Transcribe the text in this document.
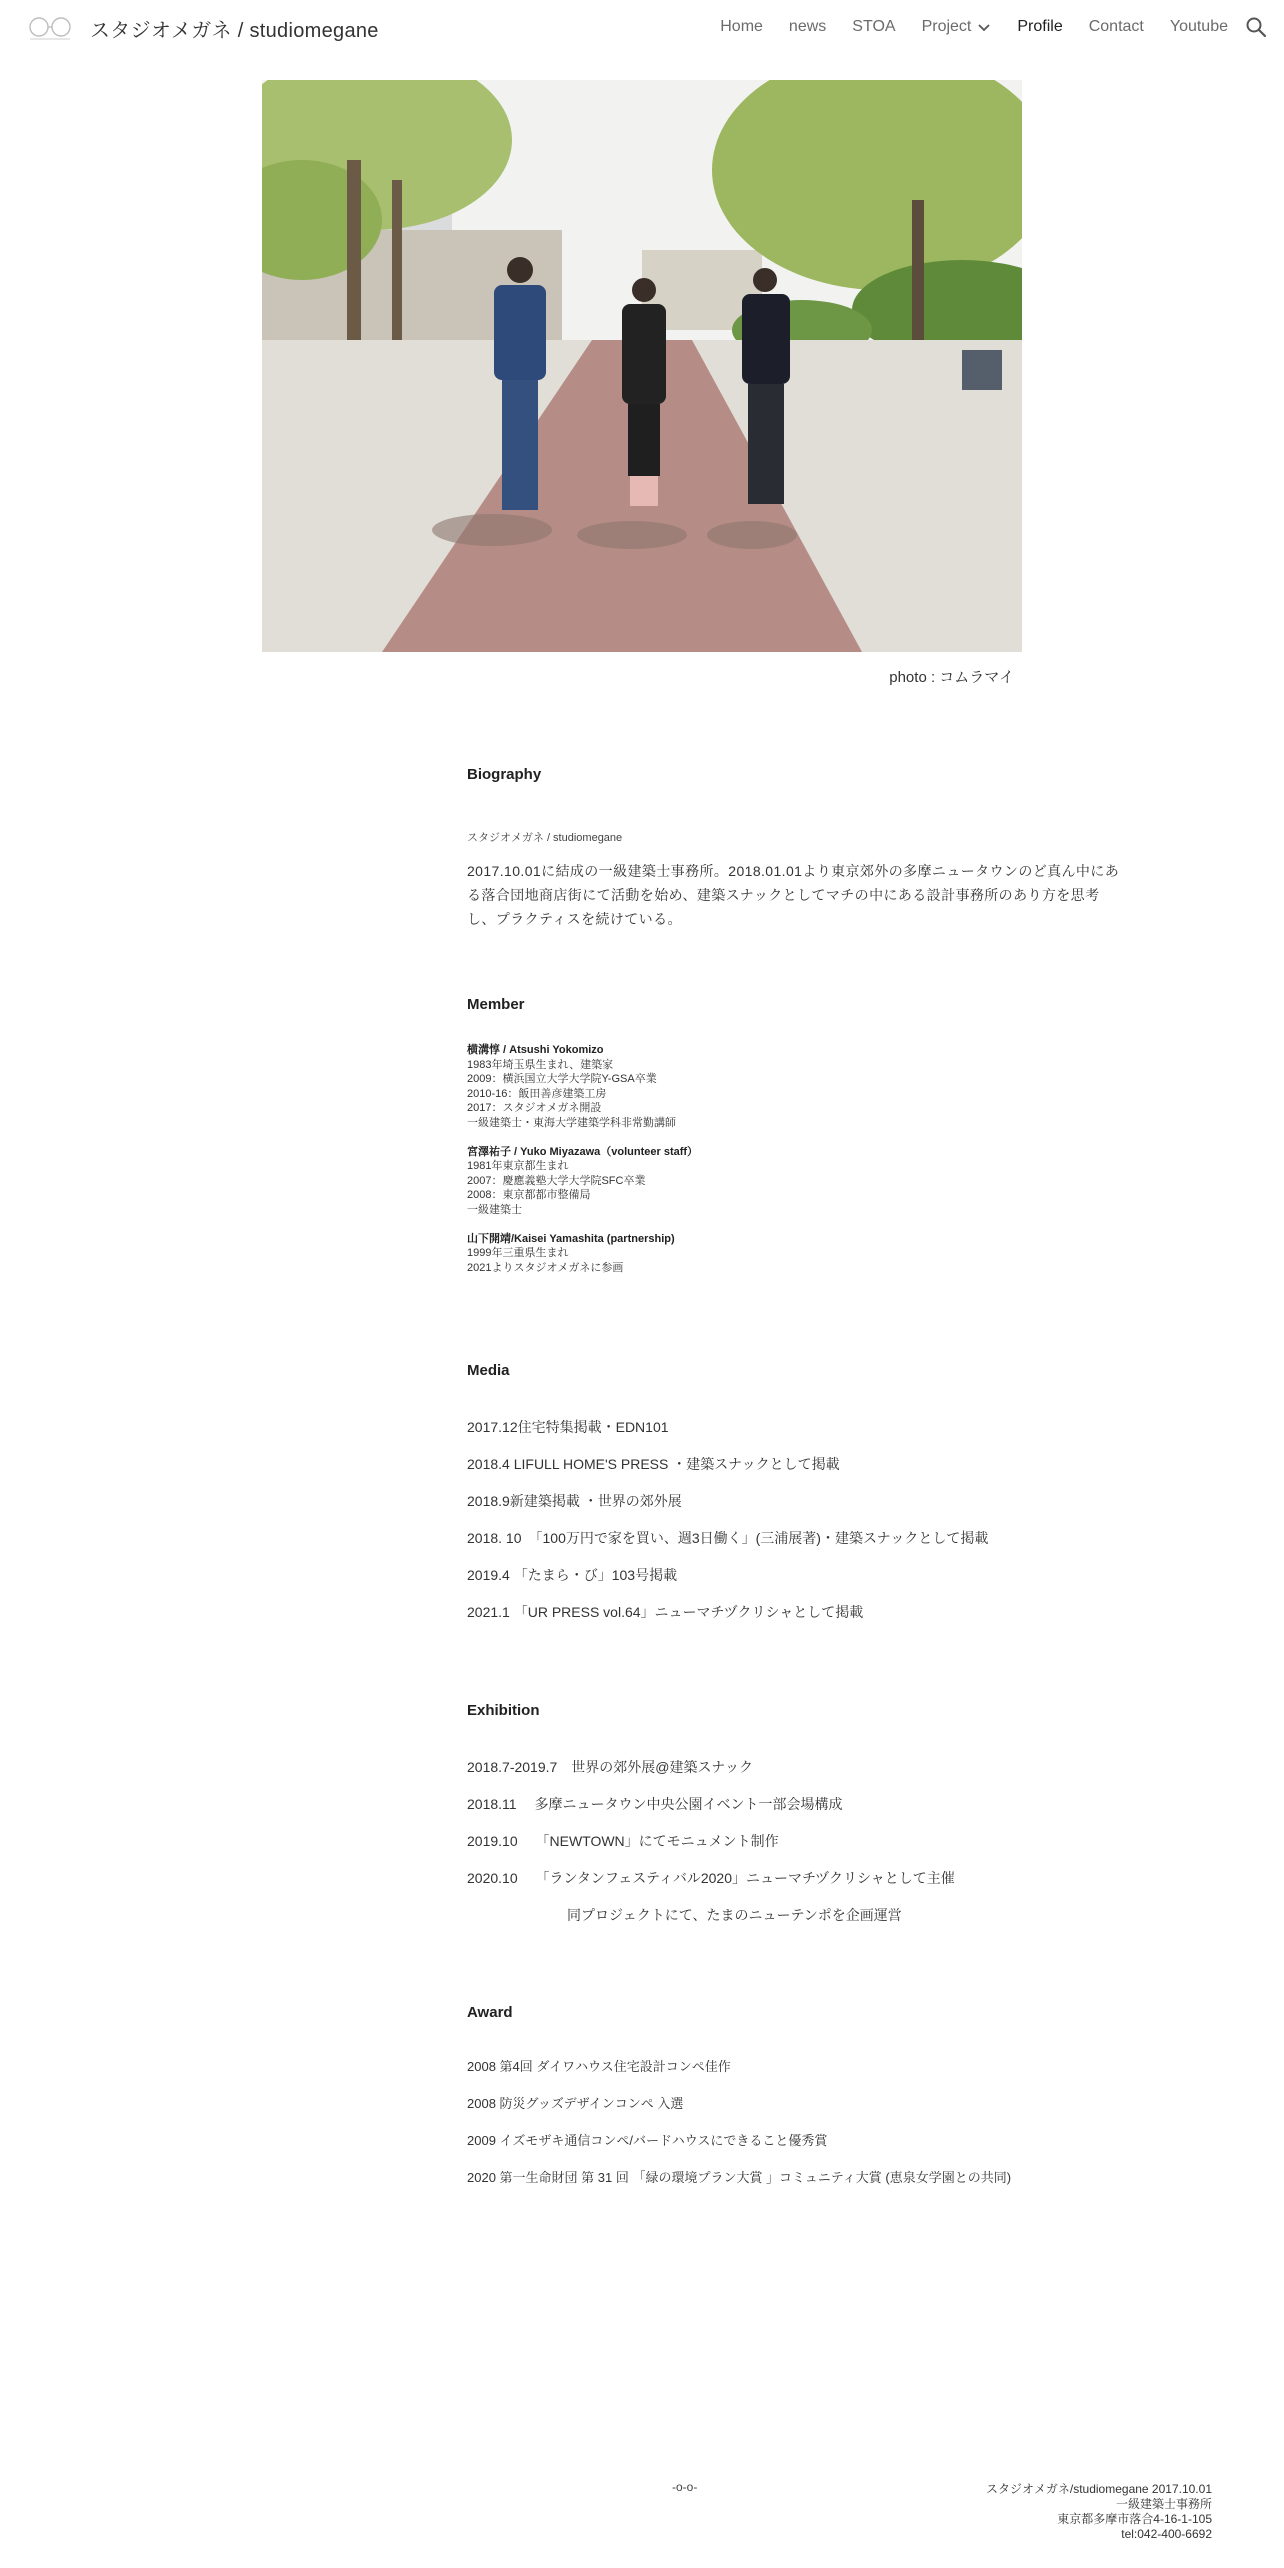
スタジオメガネ / studiomegane	Home news STOA Project	Profile Contact Youtube
photo : コムラマイ
Biography
スタジオメガネ / studiomegane
2017.10.01に結成の一級建築士事務所。2018.01.01より東京郊外の多摩ニュータウンのど真ん中にある落合団地商店街にて活動を始め、建築スナックとしてマチの中にある設計事務所のあり方を思考し、プラクティスを続けている。
Member
横溝惇 / Atsushi Yokomizo
1983年埼玉県生まれ、建築家
2009：横浜国立大学大学院Y-GSA卒業
2010-16：飯田善彦建築工房
2017：スタジオメガネ開設
一級建築士・東海大学建築学科非常勤講師
宮澤祐子 / Yuko Miyazawa（volunteer staff）
1981年東京都生まれ
2007：慶應義塾大学大学院SFC卒業
2008：東京都都市整備局
一級建築士
山下開靖/Kaisei Yamashita (partnership)
1999年三重県生まれ
2021よりスタジオメガネに参画
Media
2017.12住宅特集掲載・EDN101
2018.4 LIFULL HOME'S PRESS ・建築スナックとして掲載
2018.9新建築掲載 ・世界の郊外展
2018. 10　「100万円で家を買い、週3日働く」(三浦展著)・建築スナックとして掲載
2019.4 「たまら・び」103号掲載
2021.1 「UR PRESS vol.64」ニューマチヅクリシャとして掲載
Exhibition
2018.7-2019.7　世界の郊外展@建築スナック
2018.11　 多摩ニュータウン中央公園イベント一部会場構成
2019.10　 「NEWTOWN」にてモニュメント制作
2020.10　 「ランタンフェスティバル2020」ニューマチヅクリシャとして主催
同プロジェクトにて、たまのニューテンポを企画運営
Award
2008 第4回 ダイワハウス住宅設計コンペ佳作
2008 防災グッズデザインコンペ 入選
2009 イズモザキ通信コンペ/バードハウスにできること優秀賞
2020 第一生命財団 第 31 回 「緑の環境プラン大賞 」コミュニティ大賞 (恵泉女学園との共同)
-o-o-	スタジオメガネ/studiomegane 2017.10.01
一級建築士事務所
東京都多摩市落合4-16-1-105
tel:042-400-6692
